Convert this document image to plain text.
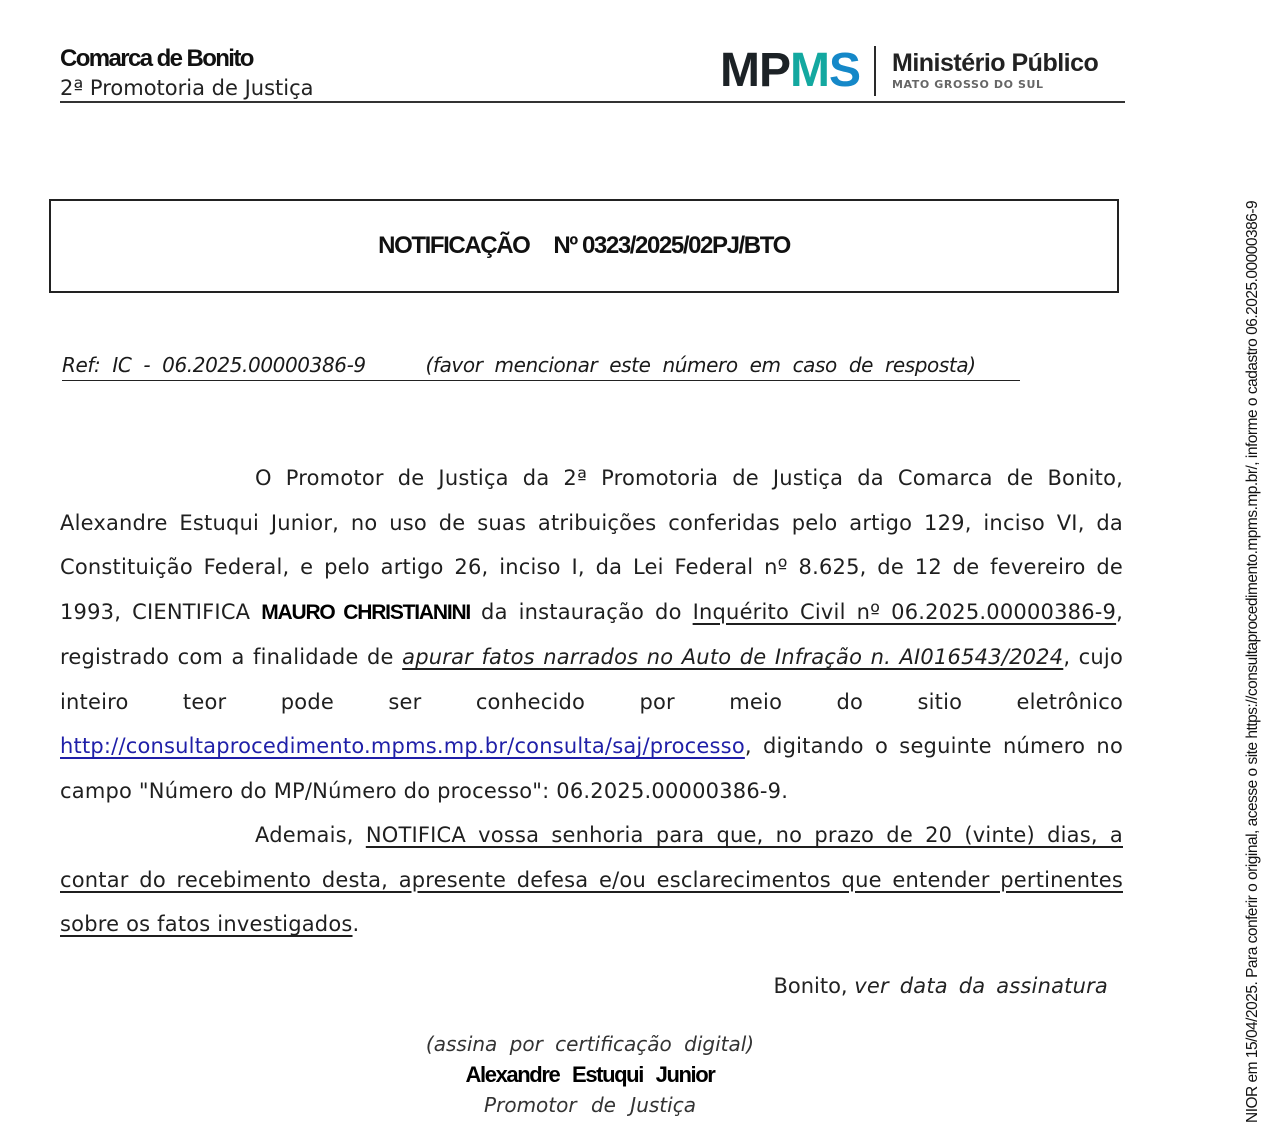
Comarca de Bonito
2ª Promotoria de Justiça	MPMS Ministério Público
MATO GROSSO DO SUL
NOTIFICAÇÃO Nº 0323/2025/02PJ/BTO
Ref: IC - 06.2025.00000386-9	(favor mencionar este número em caso de resposta)

O Promotor de Justiça da 2ª Promotoria de Justiça da Comarca de Bonito, Alexandre Estuqui Junior, no uso de suas atribuições conferidas pelo artigo 129, inciso VI, da Constituição Federal, e pelo artigo 26, inciso I, da Lei Federal nº 8.625, de 12 de fevereiro de 1993, CIENTIFICA MAURO CHRISTIANINI da instauração do Inquérito Civil nº 06.2025.00000386-9, registrado com a finalidade de apurar fatos narrados no Auto de Infração n. AI016543/2024, cujo inteiro teor pode ser conhecido por meio do sitio eletrônico http://consultaprocedimento.mpms.mp.br/consulta/saj/processo, digitando o seguinte número no campo "Número do MP/Número do processo": 06.2025.00000386-9.

Ademais, NOTIFICA vossa senhoria para que, no prazo de 20 (vinte) dias, a contar do recebimento desta, apresente defesa e/ou esclarecimentos que entender pertinentes sobre os fatos investigados.

Bonito, ver data da assinatura
(assina por certificação digital)
Alexandre Estuqui Junior
Promotor de Justiça	NIOR em 15/04/2025. Para conferir o original, acesse o site https://consultaprocedimento.mpms.mp.br/, informe o cadastro 06.2025.00000386-9
